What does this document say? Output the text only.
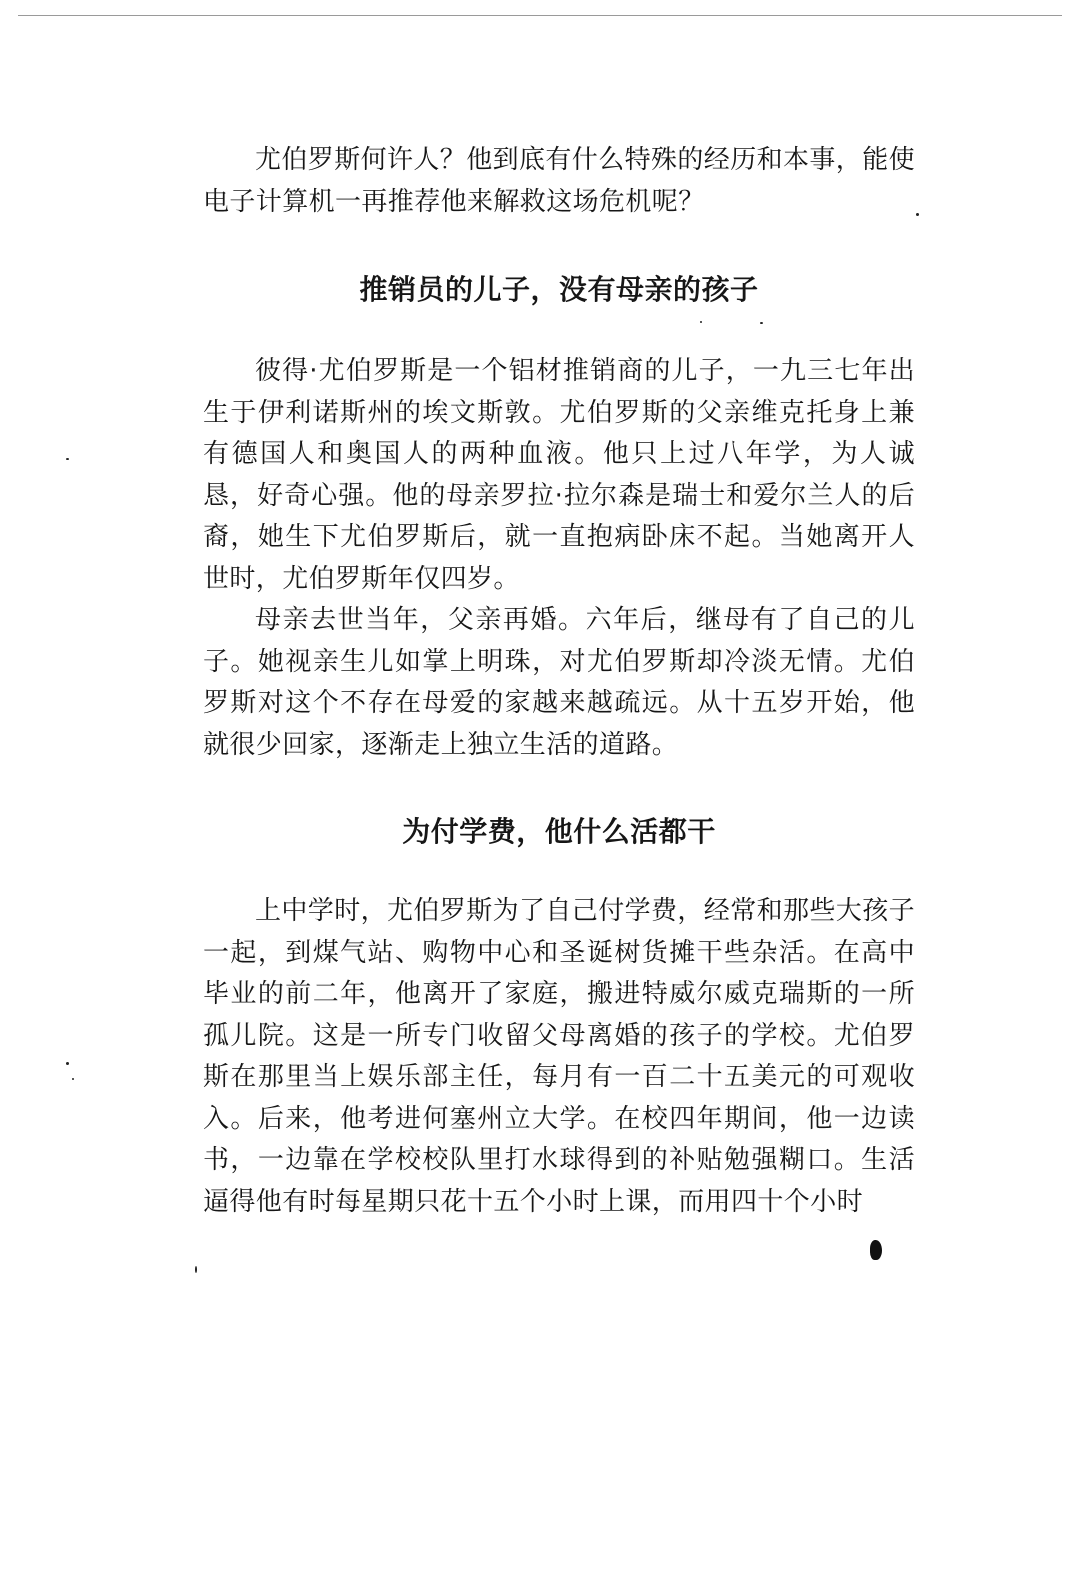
尤伯罗斯何许人？他到底有什么特殊的经历和本事，能使电子计算机一再推荐他来解救这场危机呢？

推销员的儿子，没有母亲的孩子

彼得·尤伯罗斯是一个铝材推销商的儿子，一九三七年出生于伊利诺斯州的埃文斯敦。尤伯罗斯的父亲维克托身上兼有德国人和奥国人的两种血液。他只上过八年学，为人诚恳，好奇心强。他的母亲罗拉·拉尔森是瑞士和爱尔兰人的后裔，她生下尤伯罗斯后，就一直抱病卧床不起。当她离开人世时，尤伯罗斯年仅四岁。

母亲去世当年，父亲再婚。六年后，继母有了自己的儿子。她视亲生儿如掌上明珠，对尤伯罗斯却冷淡无情。尤伯罗斯对这个不存在母爱的家越来越疏远。从十五岁开始，他就很少回家，逐渐走上独立生活的道路。

为付学费，他什么活都干

上中学时，尤伯罗斯为了自己付学费，经常和那些大孩子一起，到煤气站、购物中心和圣诞树货摊干些杂活。在高中毕业的前二年，他离开了家庭，搬进特威尔威克瑞斯的一所孤儿院。这是一所专门收留父母离婚的孩子的学校。尤伯罗斯在那里当上娱乐部主任，每月有一百二十五美元的可观收入。后来，他考进何塞州立大学。在校四年期间，他一边读书，一边靠在学校校队里打水球得到的补贴勉强糊口。生活逼得他有时每星期只花十五个小时上课，而用四十个小时
